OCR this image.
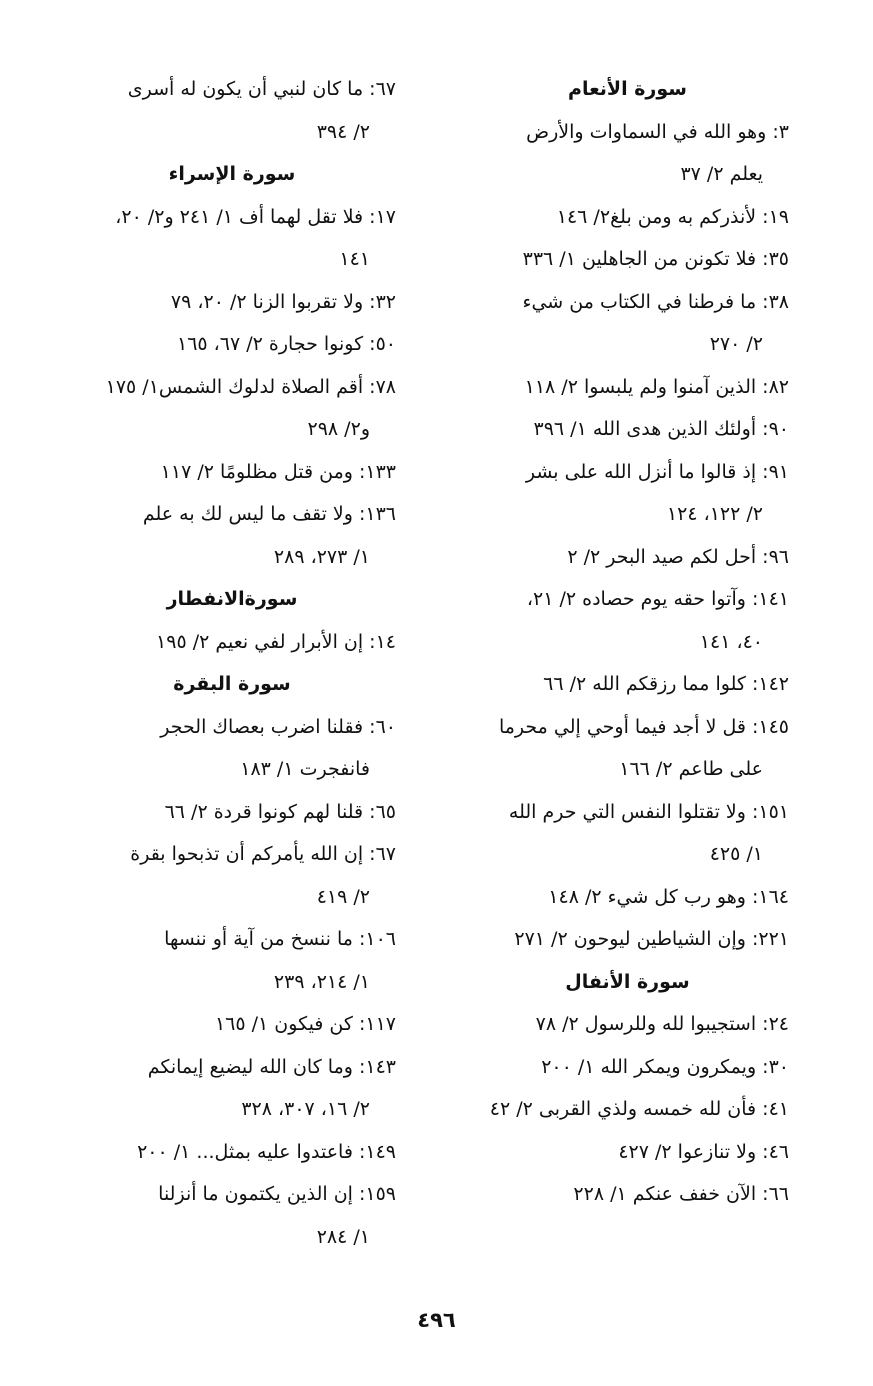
سورة الأنعام
٣: وهو الله في السماوات والأرض
يعلم ٢/ ٣٧
١٩: لأنذركم به ومن بلغ٢/ ١٤٦
٣٥: فلا تكونن من الجاهلين ١/ ٣٣٦
٣٨: ما فرطنا في الكتاب من شيء
٢/ ٢٧٠
٨٢: الذين آمنوا ولم يلبسوا ٢/ ١١٨
٩٠: أولئك الذين هدى الله ١/ ٣٩٦
٩١: إذ قالوا ما أنزل الله على بشر
٢/ ١٢٢، ١٢٤
٩٦: أحل لكم صيد البحر ٢/ ٢
١٤١: وآتوا حقه يوم حصاده ٢/ ٢١،
٤٠، ١٤١
١٤٢: كلوا مما رزقكم الله ٢/ ٦٦
١٤٥: قل لا أجد فيما أوحي إلي محرما
على طاعم ٢/ ١٦٦
١٥١: ولا تقتلوا النفس التي حرم الله
١/ ٤٢٥
١٦٤: وهو رب كل شيء ٢/ ١٤٨
٢٢١: وإن الشياطين ليوحون ٢/ ٢٧١
سورة الأنفال
٢٤: استجيبوا لله وللرسول ٢/ ٧٨
٣٠: ويمكرون ويمكر الله ١/ ٢٠٠
٤١: فأن لله خمسه ولذي القربى ٢/ ٤٢
٤٦: ولا تنازعوا ٢/ ٤٢٧
٦٦: الآن خفف عنكم ١/ ٢٢٨
٦٧: ما كان لنبي أن يكون له أسرى
٢/ ٣٩٤
سورة الإسراء
١٧: فلا تقل لهما أف ١/ ٢٤١ و٢/ ٢٠،
١٤١
٣٢: ولا تقربوا الزنا ٢/ ٢٠، ٧٩
٥٠: كونوا حجارة ٢/ ٦٧، ١٦٥
٧٨: أقم الصلاة لدلوك الشمس١/ ١٧٥
و٢/ ٢٩٨
١٣٣: ومن قتل مظلومًا ٢/ ١١٧
١٣٦: ولا تقف ما ليس لك به علم
١/ ٢٧٣، ٢٨٩
سورةالانفطار
١٤: إن الأبرار لفي نعيم ٢/ ١٩٥
سورة البقرة
٦٠: فقلنا اضرب بعصاك الحجر
فانفجرت ١/ ١٨٣
٦٥: قلنا لهم كونوا قردة ٢/ ٦٦
٦٧: إن الله يأمركم أن تذبحوا بقرة
٢/ ٤١٩
١٠٦: ما ننسخ من آية أو ننسها
١/ ٢١٤، ٢٣٩
١١٧: كن فيكون ١/ ١٦٥
١٤٣: وما كان الله ليضيع إيمانكم
٢/ ١٦، ٣٠٧، ٣٢٨
١٤٩: فاعتدوا عليه بمثل... ١/ ٢٠٠
١٥٩: إن الذين يكتمون ما أنزلنا
١/ ٢٨٤
٤٩٦
